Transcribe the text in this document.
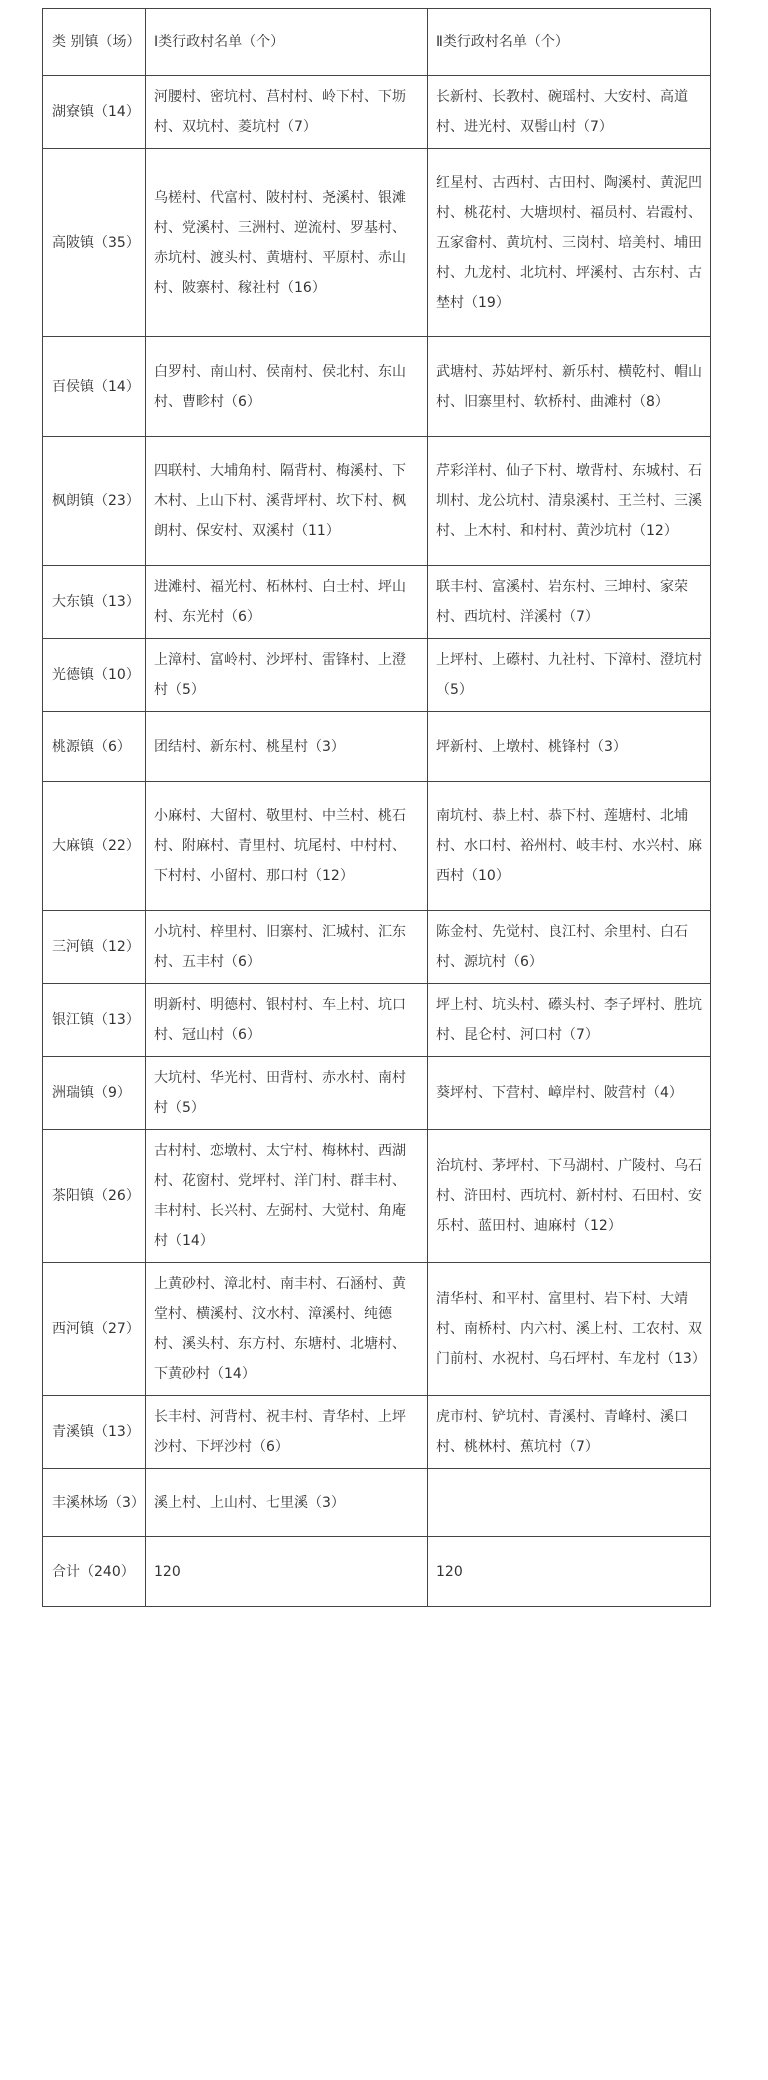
类 别镇（场）	Ⅰ类行政村名单（个）	Ⅱ类行政村名单（个）
湖寮镇（14）	河腰村、密坑村、莒村村、岭下村、下坜村、双坑村、菱坑村（7）	长新村、长教村、碗瑶村、大安村、高道村、进光村、双髻山村（7）
高陂镇（35）	乌槎村、代富村、陂村村、尧溪村、银滩村、党溪村、三洲村、逆流村、罗基村、赤坑村、渡头村、黄塘村、平原村、赤山村、陂寨村、稼社村（16）	红星村、古西村、古田村、陶溪村、黄泥凹村、桃花村、大塘坝村、福员村、岩霞村、五家畲村、黄坑村、三岗村、培美村、埔田村、九龙村、北坑村、坪溪村、古东村、古埜村（19）
百侯镇（14）	白罗村、南山村、侯南村、侯北村、东山村、曹畛村（6）	武塘村、苏姑坪村、新乐村、横乾村、帽山村、旧寨里村、软桥村、曲滩村（8）
枫朗镇（23）	四联村、大埔角村、隔背村、梅溪村、下木村、上山下村、溪背坪村、坎下村、枫朗村、保安村、双溪村（11）	芹彩洋村、仙子下村、墩背村、东城村、石圳村、龙公坑村、清泉溪村、王兰村、三溪村、上木村、和村村、黄沙坑村（12）
大东镇（13）	进滩村、福光村、柘林村、白士村、坪山村、东光村（6）	联丰村、富溪村、岩东村、三坤村、家荣村、西坑村、洋溪村（7）
光德镇（10）	上漳村、富岭村、沙坪村、雷锋村、上澄村（5）	上坪村、上礤村、九社村、下漳村、澄坑村（5）
桃源镇（6）	团结村、新东村、桃星村（3）	坪新村、上墩村、桃锋村（3）
大麻镇（22）	小麻村、大留村、敬里村、中兰村、桃石村、附麻村、青里村、坑尾村、中村村、下村村、小留村、那口村（12）	南坑村、恭上村、恭下村、莲塘村、北埔村、水口村、裕州村、岐丰村、水兴村、麻西村（10）
三河镇（12）	小坑村、梓里村、旧寨村、汇城村、汇东村、五丰村（6）	陈金村、先觉村、良江村、余里村、白石村、源坑村（6）
银江镇（13）	明新村、明德村、银村村、车上村、坑口村、冠山村（6）	坪上村、坑头村、礤头村、李子坪村、胜坑村、昆仑村、河口村（7）
洲瑞镇（9）	大坑村、华光村、田背村、赤水村、南村村（5）	葵坪村、下营村、嶂岸村、陂营村（4）
茶阳镇（26）	古村村、恋墩村、太宁村、梅林村、西湖村、花窗村、党坪村、洋门村、群丰村、丰村村、长兴村、左弼村、大觉村、角庵村（14）	治坑村、茅坪村、下马湖村、广陵村、乌石村、浒田村、西坑村、新村村、石田村、安乐村、蓝田村、迪麻村（12）
西河镇（27）	上黄砂村、漳北村、南丰村、石涵村、黄堂村、横溪村、汶水村、漳溪村、纯德村、溪头村、东方村、东塘村、北塘村、下黄砂村（14）	清华村、和平村、富里村、岩下村、大靖村、南桥村、内六村、溪上村、工农村、双门前村、水祝村、乌石坪村、车龙村（13）
青溪镇（13）	长丰村、河背村、祝丰村、青华村、上坪沙村、下坪沙村（6）	虎市村、铲坑村、青溪村、青峰村、溪口村、桃林村、蕉坑村（7）
丰溪林场（3）	溪上村、上山村、七里溪（3）	
合计（240）	120	120
